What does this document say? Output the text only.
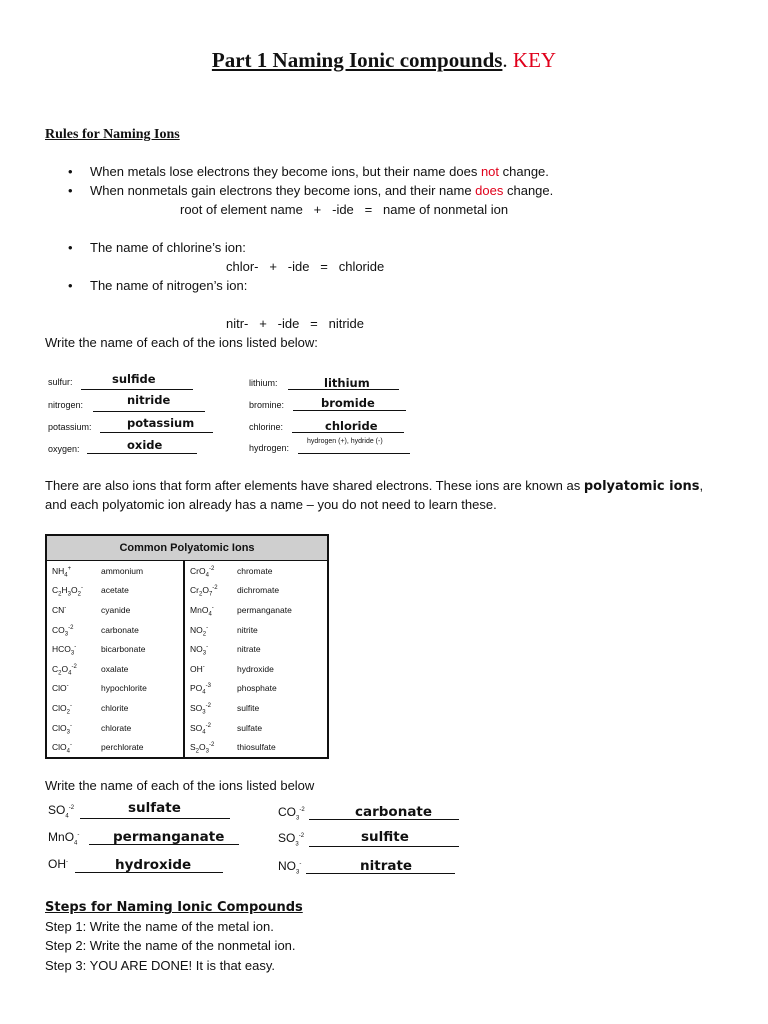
Part 1 Naming Ionic compounds. KEY
Rules for Naming Ions
• When metals lose electrons they become ions, but their name does not change.
• When nonmetals gain electrons they become ions, and their name does change.
root of element name   +   -ide   =   name of nonmetal ion
• The name of chlorine’s ion:
chlor-   +   -ide   =   chloride
• The name of nitrogen’s ion:
nitr-   +   -ide   =   nitride
Write the name of each of the ions listed below:
sulfur:	sulfide
nitrogen:	nitride
potassium:	potassium
oxygen:	oxide
lithium:	lithium
bromine:	bromide
chlorine:	chloride
hydrogen:
hydrogen (+), hydride (-)
There are also ions that form after elements have shared electrons. These ions are known as polyatomic ions,
and each polyatomic ion already has a name – you do not need to learn these.
Common Polyatomic Ions			
$NH_4^+$	ammonium	CrO$_4^{-2}$	chromate
$C_2H_3O_2^-$	acetate	$Cr_2O_7^{-2}$	dichromate
CN-	cyanide	MnO$_4$-	permanganate
$CO_3^{-2}$	carbonate	$NO_2^-$	nitrite
$HCO_3^-$	bicarbonate	$NO_3^-$	nitrate
$C_2O_4^{-2}$	oxalate	OH-	hydroxide
ClO-	hypochlorite	$PO_4^{-3}$	phosphate
ClO$_2$-	chlorite	$SO_3^{-2}$	sulfite
ClO$_3$-	chlorate	$SO_4^{-2}$	sulfate
ClO$_4$-	perchlorate	$S_2O_3^{-2}$	thiosulfate
Write the name of each of the ions listed below
$SO_4^{-2}$	sulfate
MnO$_4$- permanganate
OH-	hydroxide
$CO_3^{-2}$	carbonate
$SO_3^{-2}$	sulfite
$NO_3^-$	nitrate
Steps for Naming Ionic Compounds
Step 1: Write the name of the metal ion.
Step 2: Write the name of the nonmetal ion.
Step 3: YOU ARE DONE! It is that easy.
